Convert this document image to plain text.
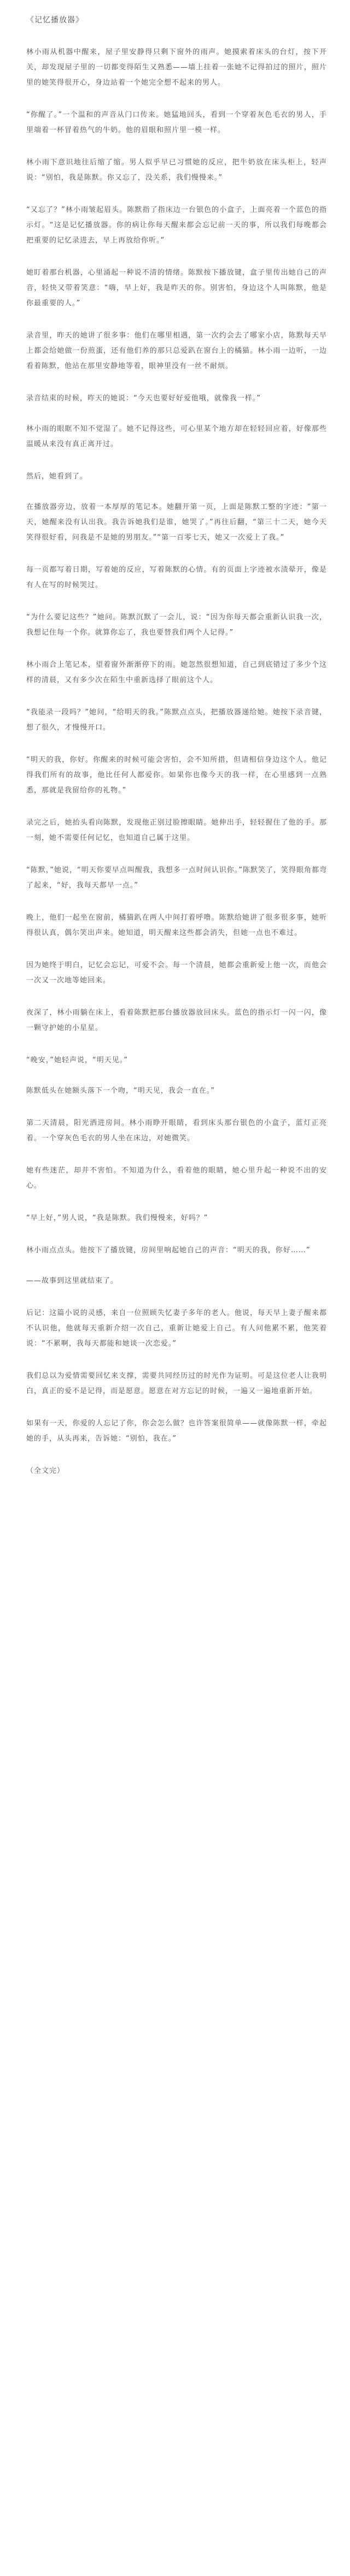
《记忆播放器》

林小雨从机器中醒来，屋子里安静得只剩下窗外的雨声。她摸索着床头的台灯，按下开关，却发现屋子里的一切都变得陌生又熟悉——墙上挂着一张她不记得拍过的照片，照片里的她笑得很开心，身边站着一个她完全想不起来的男人。

“你醒了。”一个温和的声音从门口传来。她猛地回头，看到一个穿着灰色毛衣的男人，手里端着一杯冒着热气的牛奶。他的眉眼和照片里一模一样。

林小雨下意识地往后缩了缩。男人似乎早已习惯她的反应，把牛奶放在床头柜上，轻声说：“别怕，我是陈默。你又忘了，没关系，我们慢慢来。”

“又忘了？”林小雨皱起眉头。陈默指了指床边一台银色的小盒子，上面亮着一个蓝色的指示灯。“这是记忆播放器。你的病让你每天醒来都会忘记前一天的事，所以我们每晚都会把重要的记忆录进去，早上再放给你听。”

她盯着那台机器，心里涌起一种说不清的情绪。陈默按下播放键，盒子里传出她自己的声音，轻快又带着笑意：“嗨，早上好，我是昨天的你。别害怕，身边这个人叫陈默，他是你最重要的人。”

录音里，昨天的她讲了很多事：他们在哪里相遇，第一次约会去了哪家小店，陈默每天早上都会给她做一份煎蛋，还有他们养的那只总爱趴在窗台上的橘猫。林小雨一边听，一边看着陈默，他站在那里安静地等着，眼神里没有一丝不耐烦。

录音结束的时候，昨天的她说：“今天也要好好爱他哦，就像我一样。”

林小雨的眼眶不知不觉湿了。她不记得这些，可心里某个地方却在轻轻回应着，好像那些温暖从来没有真正离开过。

然后，她看到了。

在播放器旁边，放着一本厚厚的笔记本。她翻开第一页，上面是陈默工整的字迹：“第一天，她醒来没有认出我。我告诉她我们是谁，她哭了。”再往后翻，“第三十二天，她今天笑得很好看，问我是不是她的男朋友。”“第一百零七天，她又一次爱上了我。”

每一页都写着日期，写着她的反应，写着陈默的心情。有的页面上字迹被水渍晕开，像是有人在写的时候哭过。

“为什么要记这些？”她问。陈默沉默了一会儿，说：“因为你每天都会重新认识我一次，我想记住每一个你。就算你忘了，我也要替我们两个人记得。”

林小雨合上笔记本，望着窗外渐渐停下的雨。她忽然很想知道，自己到底错过了多少个这样的清晨，又有多少次在陌生中重新选择了眼前这个人。

“我能录一段吗？”她问，“给明天的我。”陈默点点头，把播放器递给她。她按下录音键，想了很久，才慢慢开口。

“明天的我，你好。你醒来的时候可能会害怕，会不知所措，但请相信身边这个人。他记得我们所有的故事，他比任何人都爱你。如果你也像今天的我一样，在心里感到一点熟悉，那就是我留给你的礼物。”

录完之后，她抬头看向陈默，发现他正别过脸擦眼睛。她伸出手，轻轻握住了他的手。那一刻，她不需要任何记忆，也知道自己属于这里。

“陈默，”她说，“明天你要早点叫醒我，我想多一点时间认识你。”陈默笑了，笑得眼角都弯了起来，“好，我每天都早一点。”

晚上，他们一起坐在窗前，橘猫趴在两人中间打着呼噜。陈默给她讲了很多很多事，她听得很认真，偶尔笑出声来。她知道，明天醒来这些都会消失，但她一点也不难过。

因为她终于明白，记忆会忘记，可爱不会。每一个清晨，她都会重新爱上他一次，而他会一次又一次地等她回来。

夜深了，林小雨躺在床上，看着陈默把那台播放器放回床头。蓝色的指示灯一闪一闪，像一颗守护她的小星星。

“晚安，”她轻声说，“明天见。”

陈默低头在她额头落下一个吻，“明天见，我会一直在。”

第二天清晨，阳光洒进房间。林小雨睁开眼睛，看到床头那台银色的小盒子，蓝灯正亮着。一个穿灰色毛衣的男人坐在床边，对她微笑。

她有些迷茫，却并不害怕。不知道为什么，看着他的眼睛，她心里升起一种说不出的安心。

“早上好，”男人说，“我是陈默。我们慢慢来，好吗？”

林小雨点点头。他按下了播放键，房间里响起她自己的声音：“明天的我，你好……”

——故事到这里就结束了。

后记：这篇小说的灵感，来自一位照顾失忆妻子多年的老人。他说，每天早上妻子醒来都不认识他，他就每天重新介绍一次自己，重新让她爱上自己。有人问他累不累，他笑着说：“不累啊，我每天都能和她谈一次恋爱。”

我们总以为爱情需要回忆来支撑，需要共同经历过的时光作为证明。可是这位老人让我明白，真正的爱不是记得，而是愿意。愿意在对方忘记的时候，一遍又一遍地重新开始。

如果有一天，你爱的人忘记了你，你会怎么做？也许答案很简单——就像陈默一样，牵起她的手，从头再来，告诉她：“别怕，我在。”

（全文完）
